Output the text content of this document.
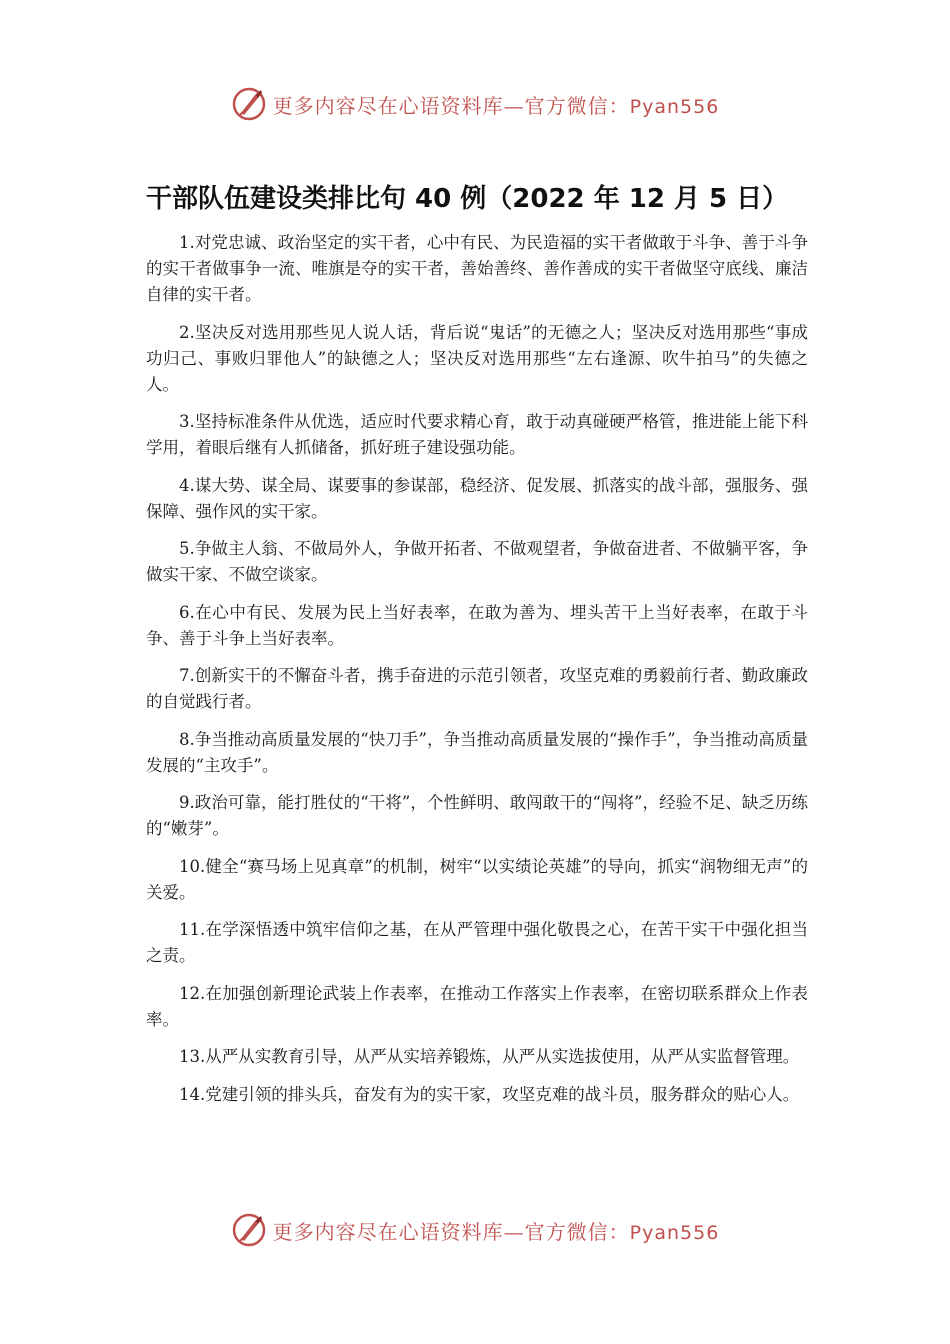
更多内容尽在心语资料库—官方微信：Pyan556
干部队伍建设类排比句 40 例（2022 年 12 月 5 日）

1.对党忠诚、政治坚定的实干者，心中有民、为民造福的实干者做敢于斗争、善于斗争的实干者做事争一流、唯旗是夺的实干者，善始善终、善作善成的实干者做坚守底线、廉洁自律的实干者。

2.坚决反对选用那些见人说人话，背后说“鬼话”的无德之人；坚决反对选用那些“事成功归己、事败归罪他人”的缺德之人；坚决反对选用那些“左右逢源、吹牛拍马”的失德之人。

3.坚持标准条件从优选，适应时代要求精心育，敢于动真碰硬严格管，推进能上能下科学用，着眼后继有人抓储备，抓好班子建设强功能。

4.谋大势、谋全局、谋要事的参谋部，稳经济、促发展、抓落实的战斗部，强服务、强保障、强作风的实干家。

5.争做主人翁、不做局外人，争做开拓者、不做观望者，争做奋进者、不做躺平客，争做实干家、不做空谈家。

6.在心中有民、发展为民上当好表率，在敢为善为、埋头苦干上当好表率，在敢于斗争、善于斗争上当好表率。

7.创新实干的不懈奋斗者，携手奋进的示范引领者，攻坚克难的勇毅前行者、勤政廉政的自觉践行者。

8.争当推动高质量发展的“快刀手”，争当推动高质量发展的“操作手”，争当推动高质量发展的“主攻手”。

9.政治可靠，能打胜仗的“干将”，个性鲜明、敢闯敢干的“闯将”，经验不足、缺乏历练的“嫩芽”。

10.健全“赛马场上见真章”的机制，树牢“以实绩论英雄”的导向，抓实“润物细无声”的关爱。

11.在学深悟透中筑牢信仰之基，在从严管理中强化敬畏之心，在苦干实干中强化担当之责。

12.在加强创新理论武装上作表率，在推动工作落实上作表率，在密切联系群众上作表率。

13.从严从实教育引导，从严从实培养锻炼，从严从实选拔使用，从严从实监督管理。

14.党建引领的排头兵，奋发有为的实干家，攻坚克难的战斗员，服务群众的贴心人。

更多内容尽在心语资料库—官方微信：Pyan556
